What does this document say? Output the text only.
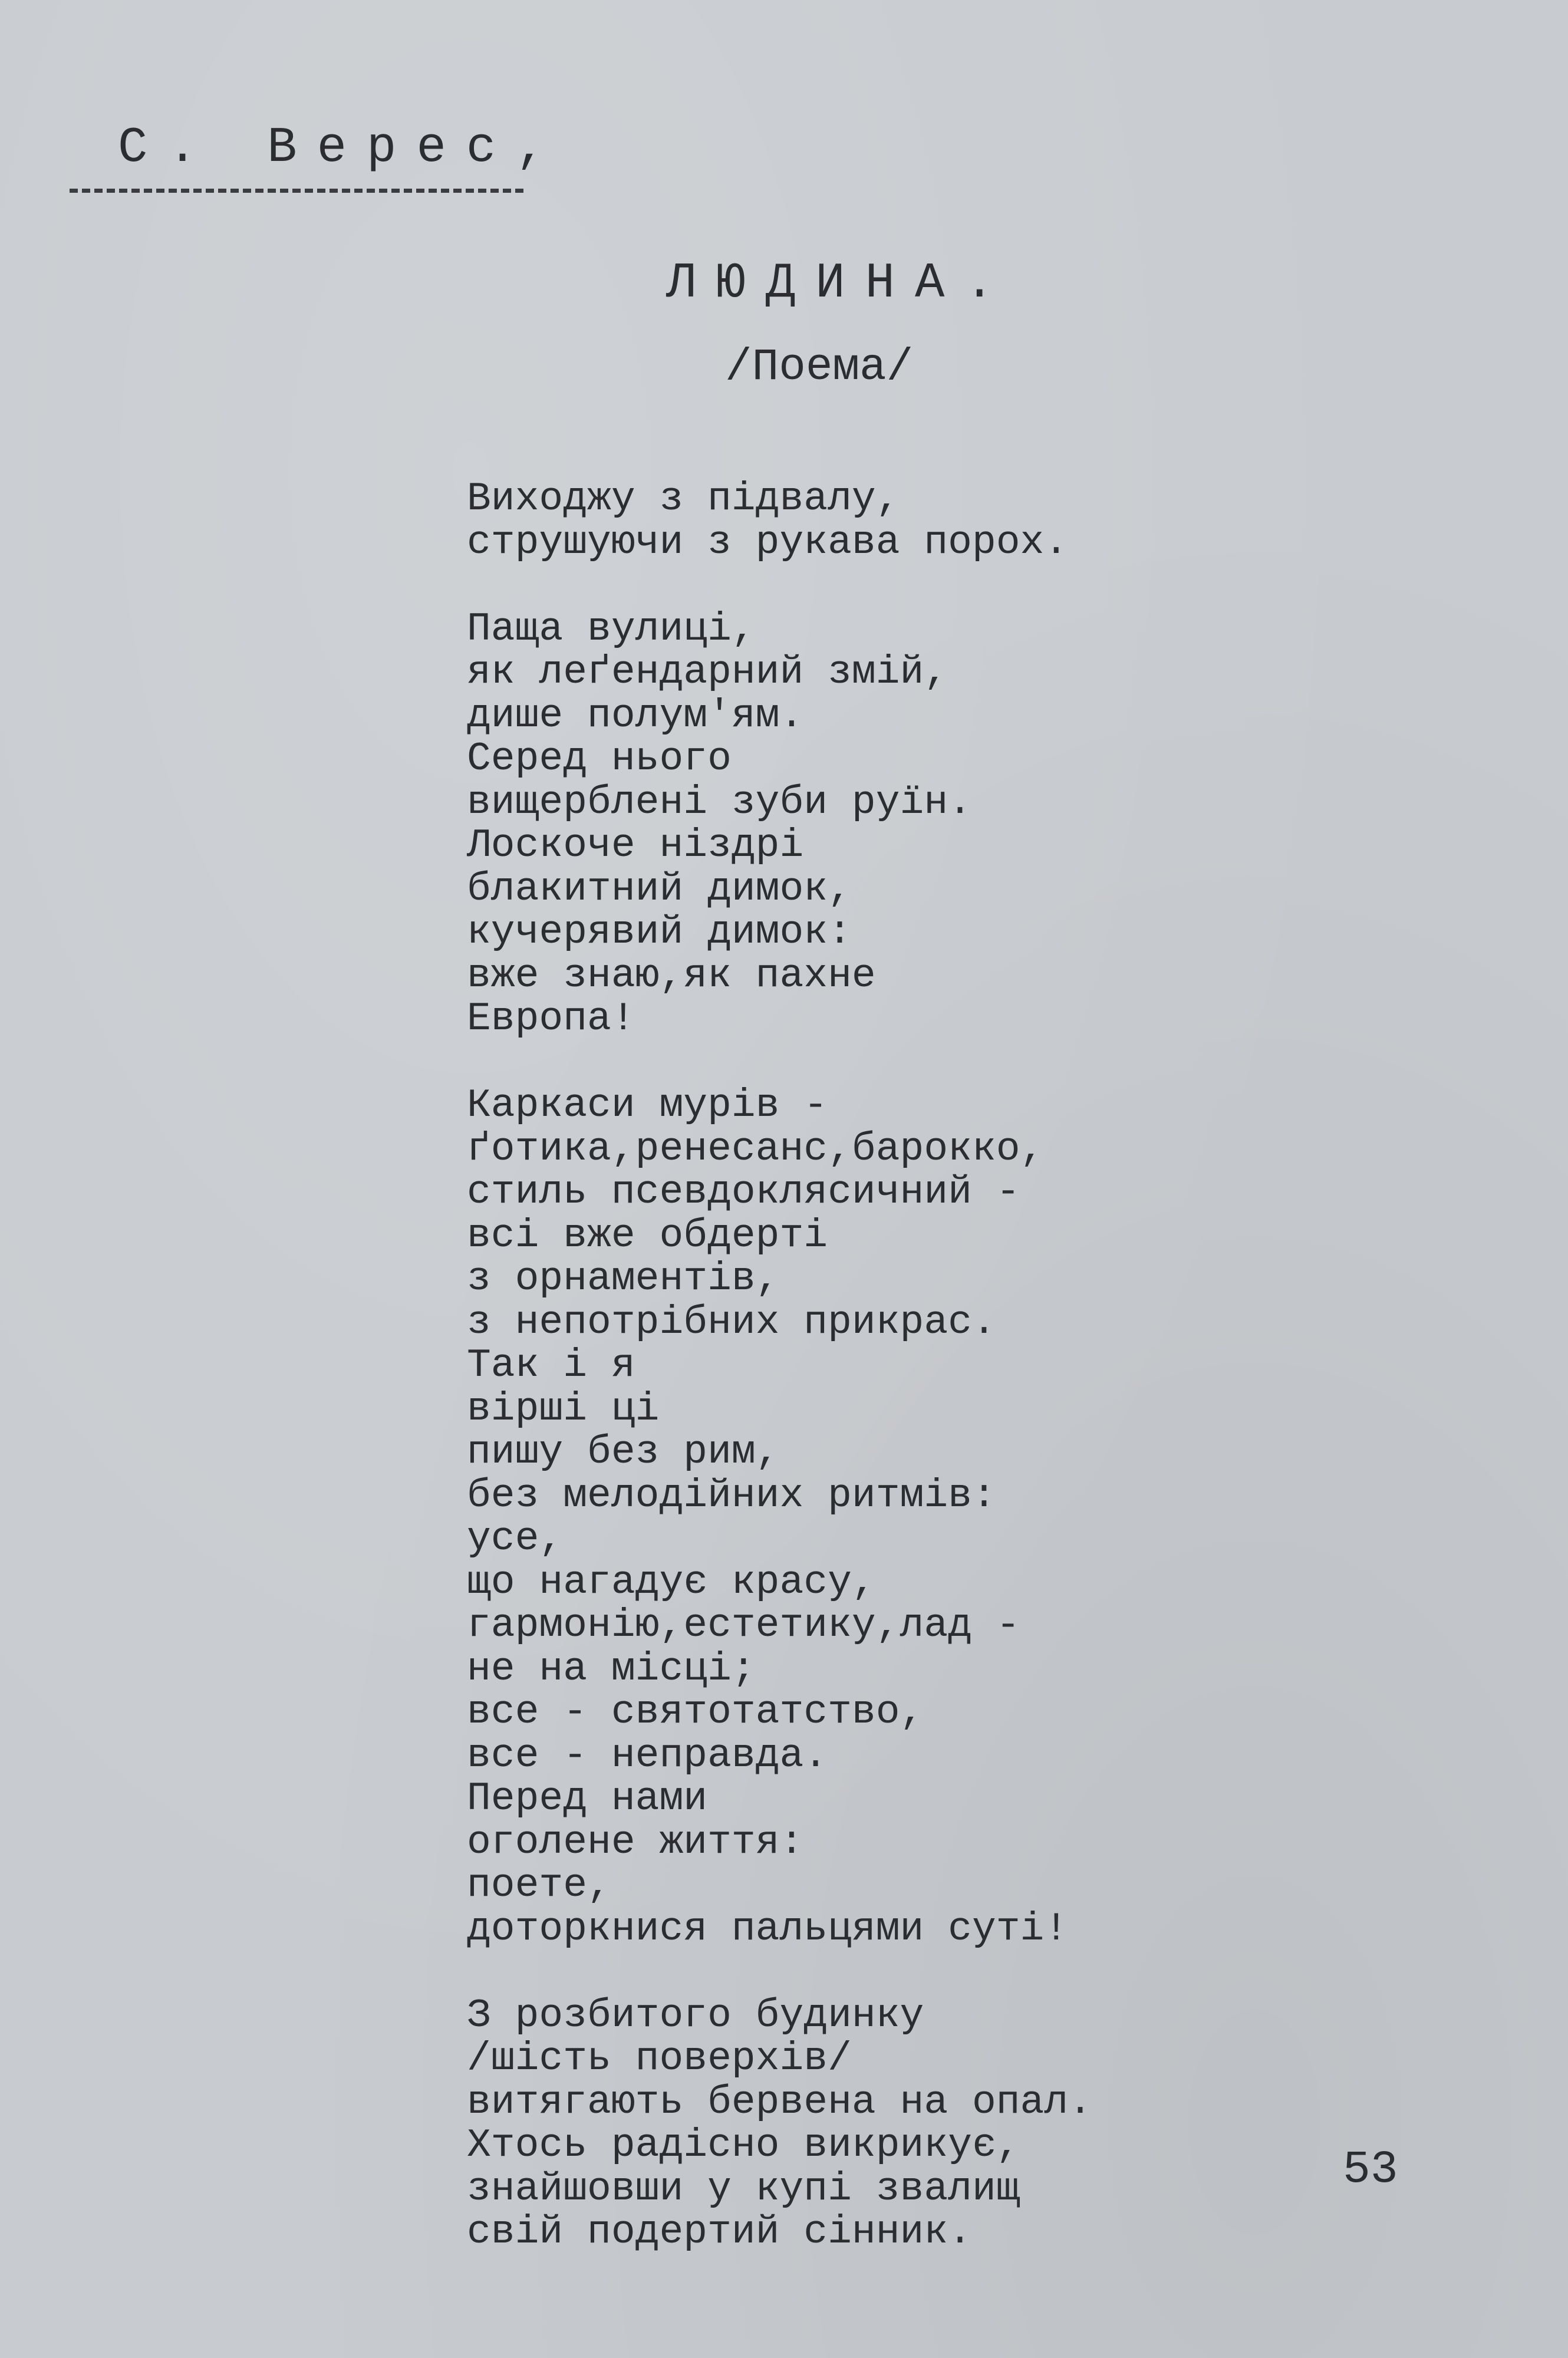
С. Верес,
ЛЮДИНА.
/Поема/
Виходжу з підвалу,
струшуючи з рукава порох.
Паща вулиці,
як леґендарний змій,
дише полум'ям.
Серед нього
вищерблені зуби руїн.
Лоскоче ніздрі
блакитний димок,
кучерявий димок:
вже знаю,як пахне
Европа!
Каркаси мурів -
ґотика,ренесанс,барокко,
стиль псевдоклясичний -
всі вже обдерті
з орнаментів,
з непотрібних прикрас.
Так і я
вірші ці
пишу без рим,
без мелодійних ритмів:
усе,
що нагадує красу,
гармонію,естетику,лад -
не на місці;
все - святотатство,
все - неправда.
Перед нами
оголене життя:
поете,
доторкнися пальцями суті!
З розбитого будинку
/шість поверхів/
витягають бервена на опал.
Хтось радісно викрикує,
знайшовши у купі звалищ
свій подертий сінник.
53
